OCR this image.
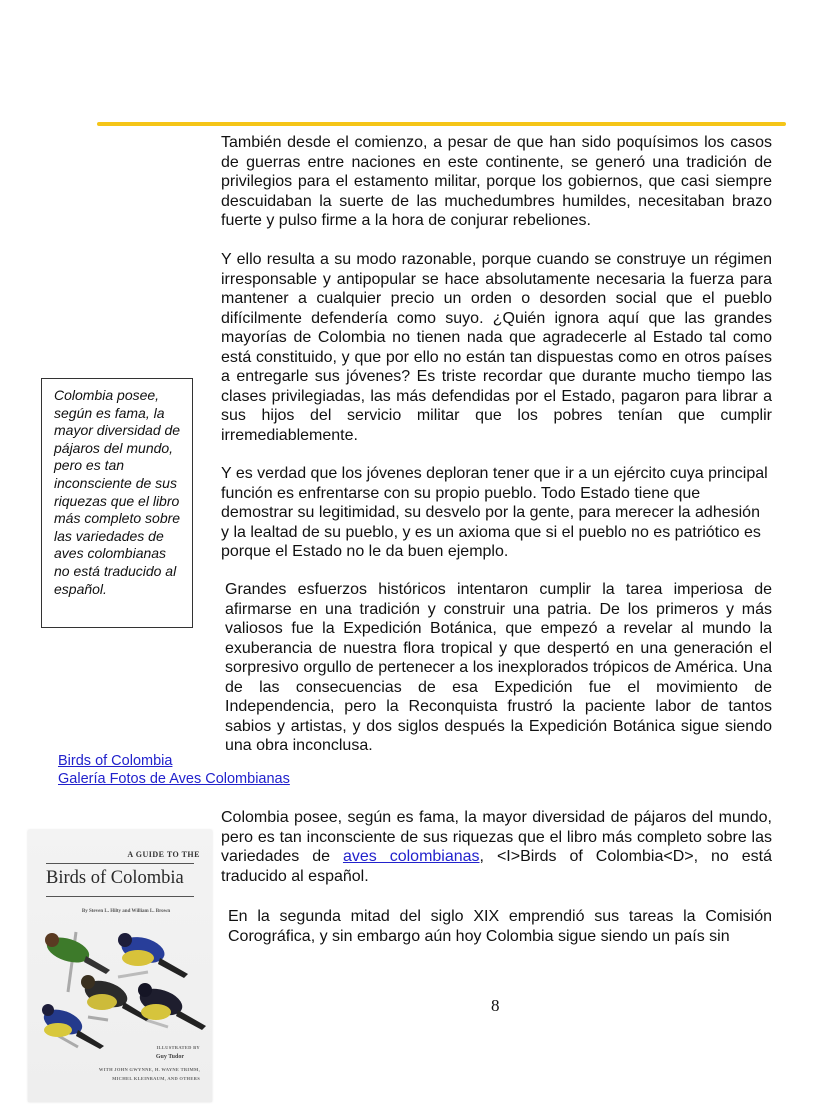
También desde el comienzo, a pesar de que han sido poquísimos los casos de guerras entre naciones en este continente, se generó una tradición de privilegios para el estamento militar, porque los gobiernos, que casi siempre descuidaban la suerte de las muchedumbres humildes, necesitaban brazo fuerte y pulso firme a la hora de conjurar rebeliones.

Y ello resulta a su modo razonable, porque cuando se construye un régimen irresponsable y antipopular se hace absolutamente necesaria la fuerza para mantener a cualquier precio un orden o desorden social que el pueblo difícilmente defendería como suyo. ¿Quién ignora aquí que las grandes mayorías de Colombia no tienen nada que agradecerle al Estado tal como está constituido, y que por ello no están tan dispuestas como en otros países a entregarle sus jóvenes? Es triste recordar que durante mucho tiempo las clases privilegiadas, las más defendidas por el Estado, pagaron para librar a sus hijos del servicio militar que los pobres tenían que cumplir irremediablemente.

Colombia posee, según es fama, la mayor diversidad de pájaros del mundo, pero es tan inconsciente de sus riquezas que el libro más completo sobre las variedades de aves colombianas no está traducido al español.

Y es verdad que los jóvenes deploran tener que ir a un ejército cuya principal función es enfrentarse con su propio pueblo. Todo Estado tiene que demostrar su legitimidad, su desvelo por la gente, para merecer la adhesión y la lealtad de su pueblo, y es un axioma que si el pueblo no es patriótico es porque el Estado no le da buen ejemplo.

Grandes esfuerzos históricos intentaron cumplir la tarea imperiosa de afirmarse en una tradición y construir una patria. De los primeros y más valiosos fue la Expedición Botánica, que empezó a revelar al mundo la exuberancia de nuestra flora tropical y que despertó en una generación el sorpresivo orgullo de pertenecer a los inexplorados trópicos de América. Una de las consecuencias de esa Expedición fue el movimiento de Independencia, pero la Reconquista frustró la paciente labor de tantos sabios y artistas, y dos siglos después la Expedición Botánica sigue siendo una obra inconclusa.

Birds of Colombia
Galería Fotos de Aves Colombianas

Colombia posee, según es fama, la mayor diversidad de pájaros del mundo, pero es tan inconsciente de sus riquezas que el libro más completo sobre las variedades de aves colombianas, <I>Birds of Colombia<D>, no está traducido al español.

En la segunda mitad del siglo XIX emprendió sus tareas la Comisión Corográfica, y sin embargo aún hoy Colombia sigue siendo un país sin

A GUIDE TO THE
Birds of Colombia
By Steven L. Hilty and William L. Brown
ILLUSTRATED BY
Guy Tudor
WITH JOHN GWYNNE, H. WAYNE TRIMM,
MICHEL KLEINBAUM, AND OTHERS
8
